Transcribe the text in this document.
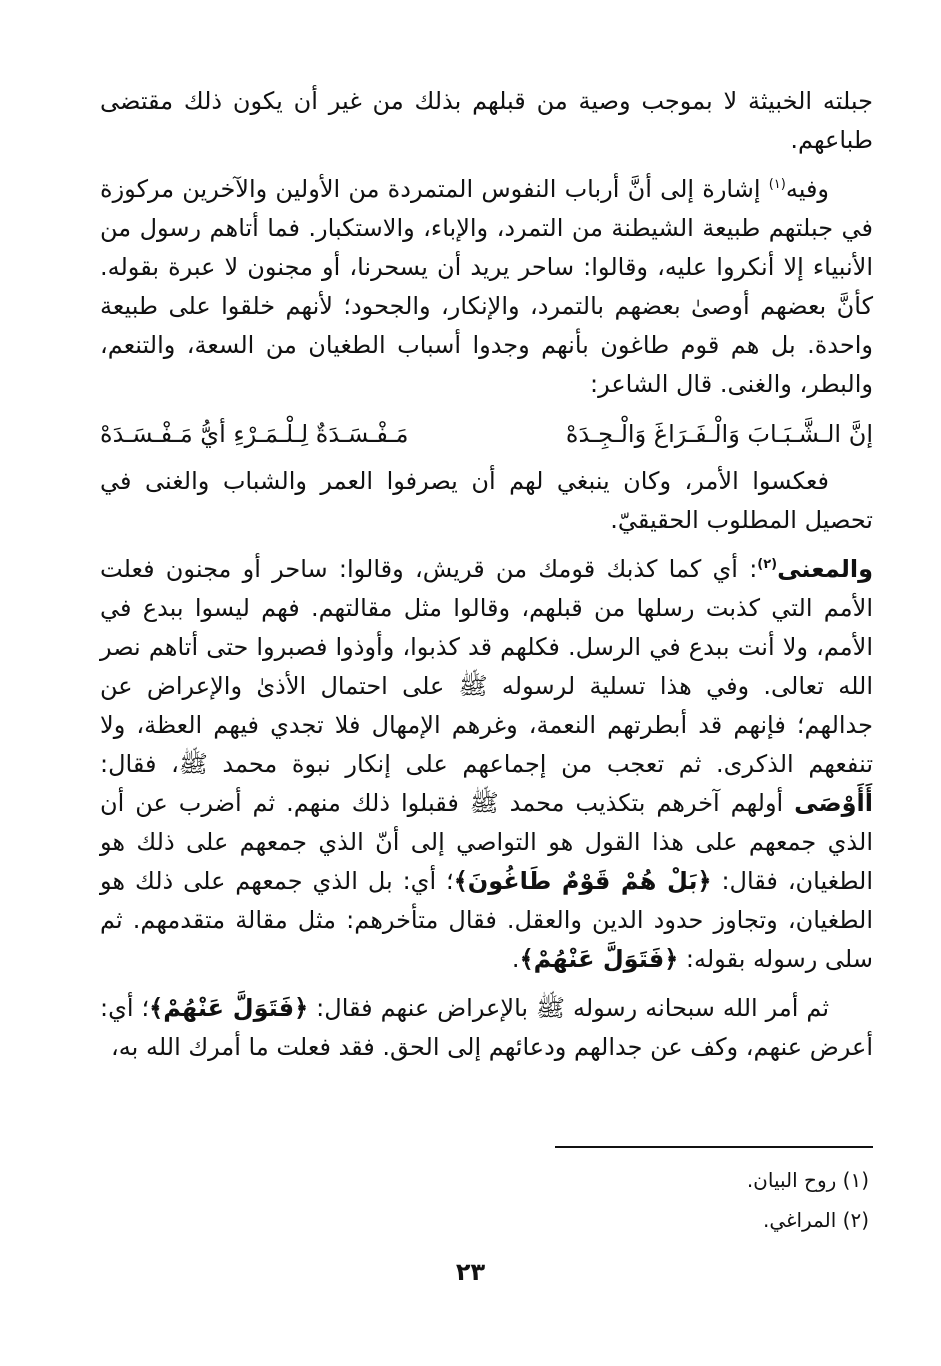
جبلته الخبيثة لا بموجب وصية من قبلهم بذلك من غير أن يكون ذلك مقتضى طباعهم.

وفيه$^{(١)}$ إشارة إلى أنَّ أرباب النفوس المتمردة من الأولين والآخرين مركوزة في جبلتهم طبيعة الشيطنة من التمرد، والإباء، والاستكبار. فما أتاهم رسول من الأنبياء إلا أنكروا عليه، وقالوا: ساحر يريد أن يسحرنا، أو مجنون لا عبرة بقوله. كأنَّ بعضهم أوصىٰ بعضهم بالتمرد، والإنكار، والجحود؛ لأنهم خلقوا على طبيعة واحدة. بل هم قوم طاغون بأنهم وجدوا أسباب الطغيان من السعة، والتنعم، والبطر، والغنى. قال الشاعر:

إنَّ الـشَّـبَـابَ وَالْـفَـرَاغَ وَالْـجِـدَهْ
مَـفْـسَـدَةٌ لِـلْـمَـرْءِ أيُّ مَـفْـسَـدَهْ

فعكسوا الأمر، وكان ينبغي لهم أن يصرفوا العمر والشباب والغنى في تحصيل المطلوب الحقيقيّ.

والمعنى$^{(٢)}$: أي كما كذبك قومك من قريش، وقالوا: ساحر أو مجنون فعلت الأمم التي كذبت رسلها من قبلهم، وقالوا مثل مقالتهم. فهم ليسوا ببدع في الأمم، ولا أنت ببدع في الرسل. فكلهم قد كذبوا، وأوذوا فصبروا حتى أتاهم نصر الله تعالى. وفي هذا تسلية لرسوله ﷺ على احتمال الأذىٰ والإعراض عن جدالهم؛ فإنهم قد أبطرتهم النعمة، وغرهم الإمهال فلا تجدي فيهم العظة، ولا تنفعهم الذكرى. ثم تعجب من إجماعهم على إنكار نبوة محمد ﷺ، فقال: أَأَوْصَى أولهم آخرهم بتكذيب محمد ﷺ فقبلوا ذلك منهم. ثم أضرب عن أن الذي جمعهم على هذا القول هو التواصي إلى أنّ الذي جمعهم على ذلك هو الطغيان، فقال: ﴿بَلْ هُمْ قَوْمٌ طَاغُونَ﴾؛ أي: بل الذي جمعهم على ذلك هو الطغيان، وتجاوز حدود الدين والعقل. فقال متأخرهم: مثل مقالة متقدمهم. ثم سلى رسوله بقوله: ﴿فَتَوَلَّ عَنْهُمْ﴾.

ثم أمر الله سبحانه رسوله ﷺ بالإعراض عنهم فقال: ﴿فَتَوَلَّ عَنْهُمْ﴾؛ أي: أعرض عنهم، وكف عن جدالهم ودعائهم إلى الحق. فقد فعلت ما أمرك الله به،

(١) روح البيان.
(٢) المراغي.
٢٣
